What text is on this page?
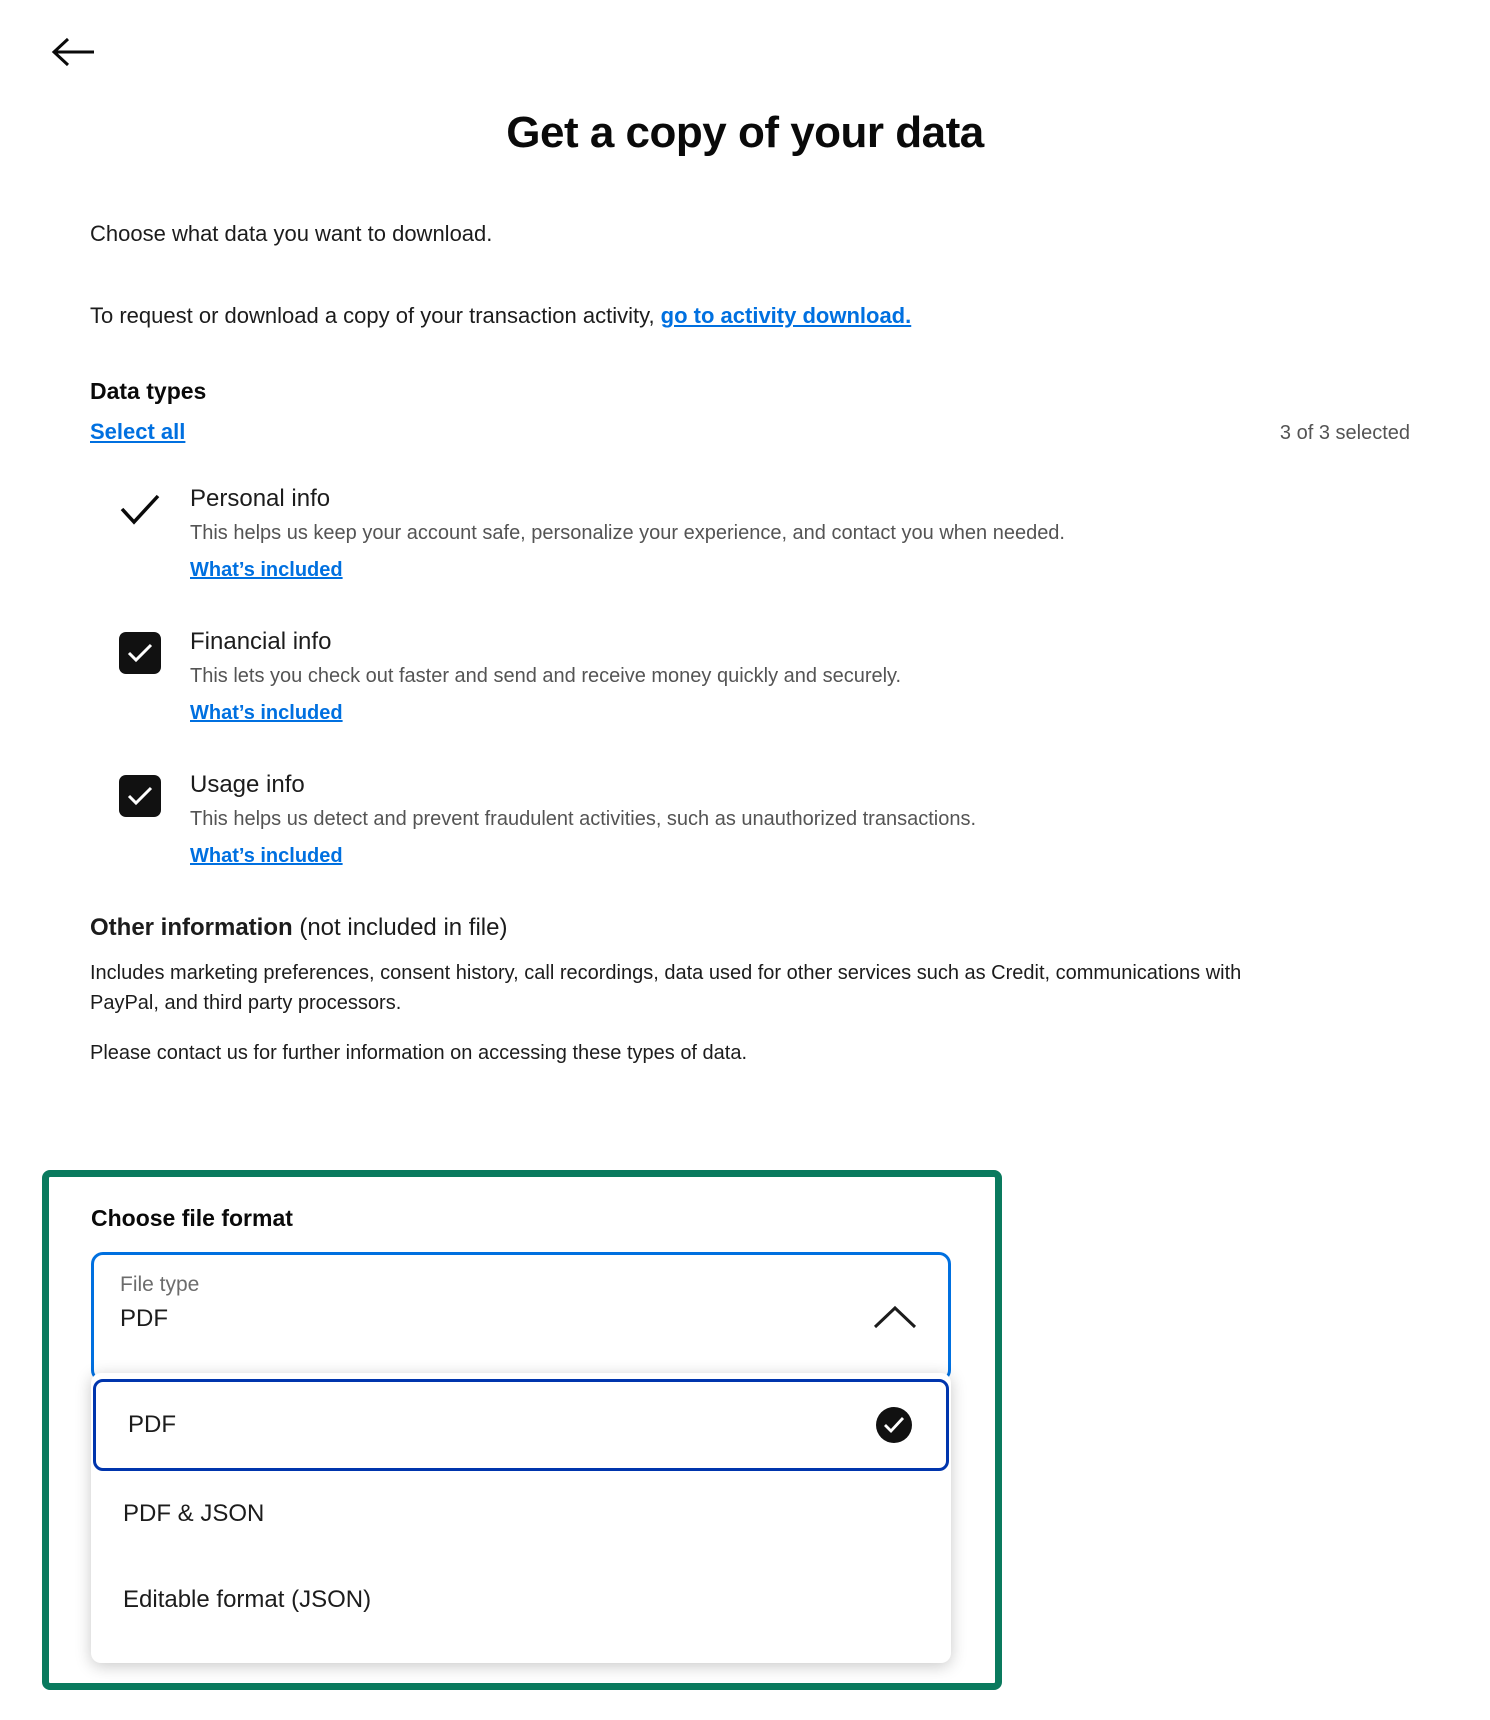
Get a copy of your data
Choose what data you want to download.
To request or download a copy of your transaction activity, go to activity download.
Data types
Select all	3 of 3 selected
Personal info
This helps us keep your account safe, personalize your experience, and contact you when needed.
What’s included
Financial info
This lets you check out faster and send and receive money quickly and securely.
What’s included
Usage info
This helps us detect and prevent fraudulent activities, such as unauthorized transactions.
What’s included
Other information (not included in file)
Includes marketing preferences, consent history, call recordings, data used for other services such as Credit, communications with PayPal, and third party processors.
Please contact us for further information on accessing these types of data.
Choose file format
File type
PDF
PDF
PDF & JSON
Editable format (JSON)
